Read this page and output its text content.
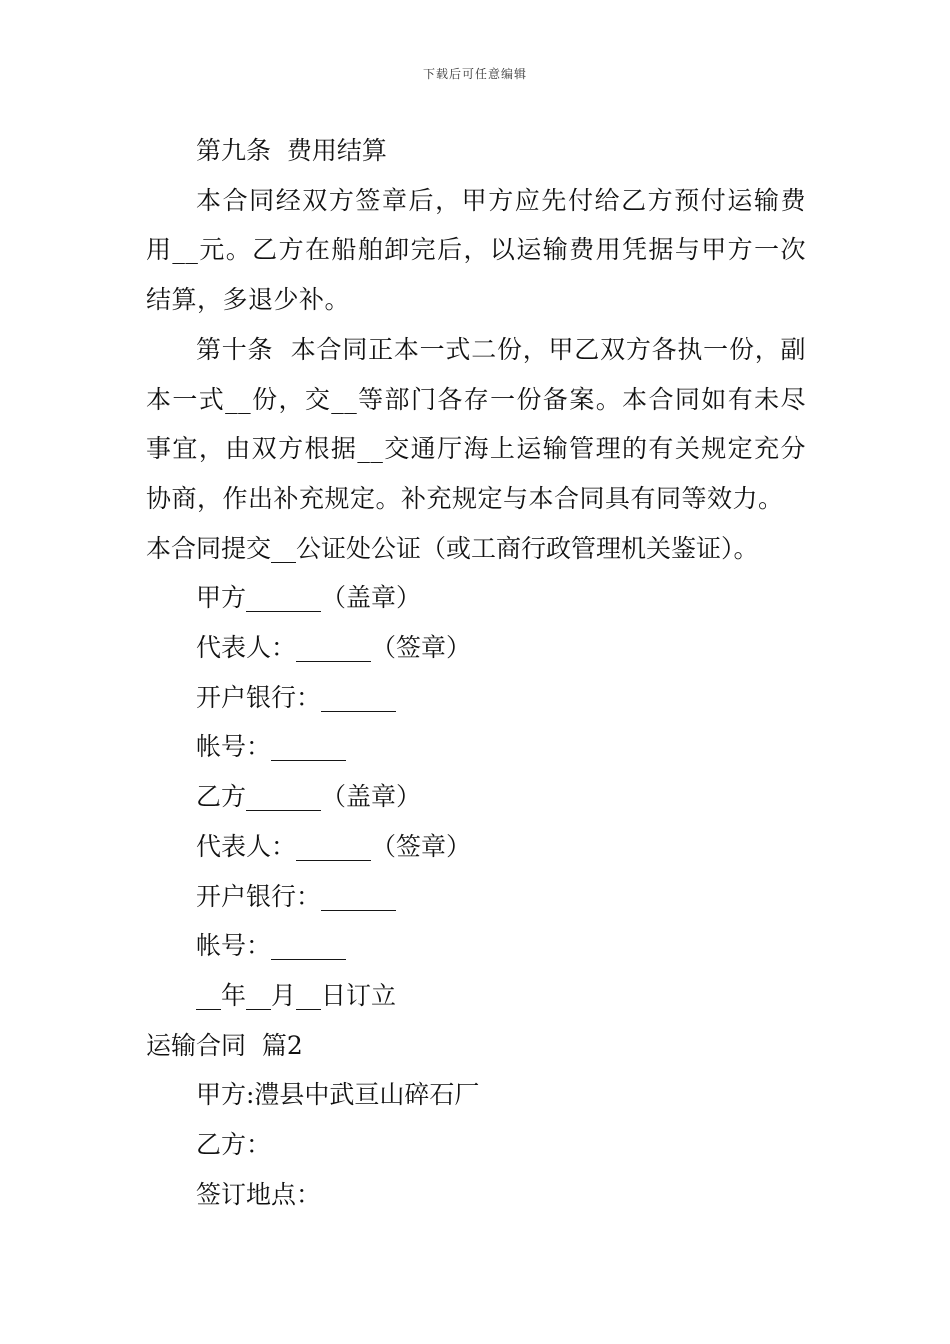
下载后可任意编辑

第九条  费用结算

本合同经双方签章后，甲方应先付给乙方预付运输费用__元。乙方在船舶卸完后，以运输费用凭据与甲方一次结算，多退少补。

第十条  本合同正本一式二份，甲乙双方各执一份，副本一式__份，交__等部门各存一份备案。本合同如有未尽事宜，由双方根据__交通厅海上运输管理的有关规定充分协商，作出补充规定。补充规定与本合同具有同等效力。

本合同提交__公证处公证（或工商行政管理机关鉴证）。

甲方______（盖章）

代表人：______（签章）

开户银行：______

帐号：______

乙方______（盖章）

代表人：______（签章）

开户银行：______

帐号：______

__年__月__日订立

运输合同  篇2

甲方:澧县中武亘山碎石厂

乙方：

签订地点：
